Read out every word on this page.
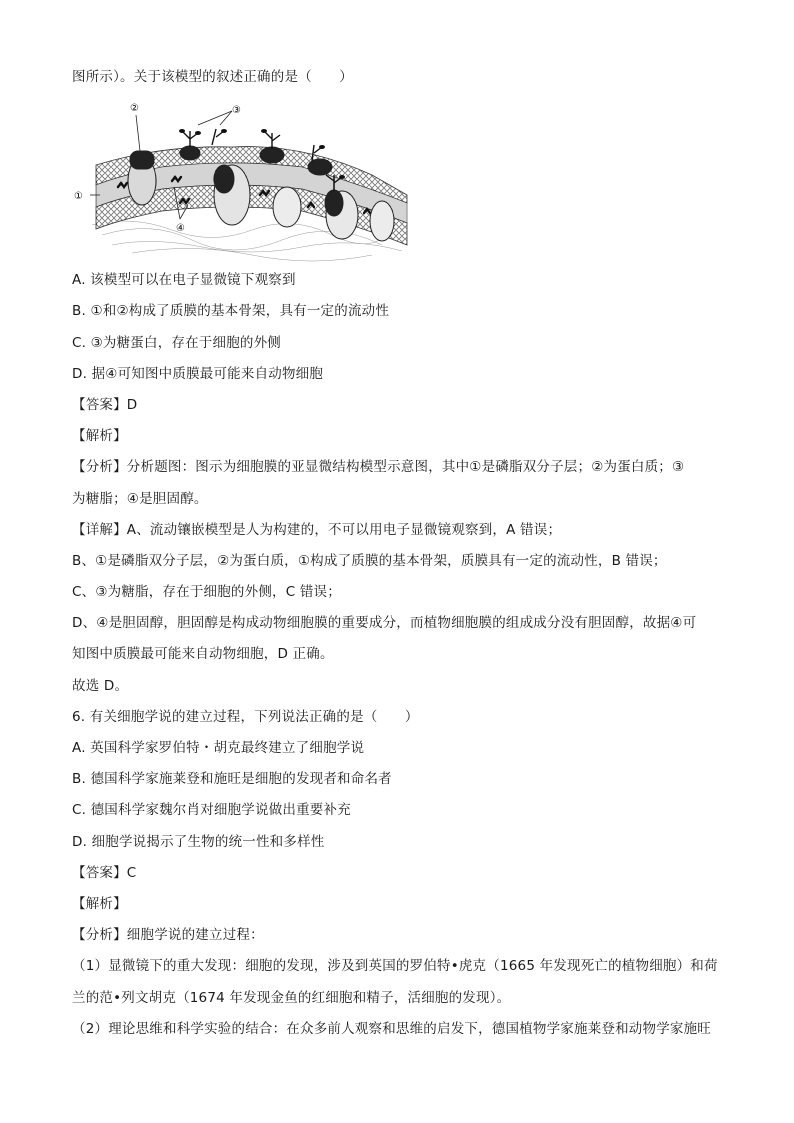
图所示）。关于该模型的叙述正确的是（　　）
①
②	③
④
A. 该模型可以在电子显微镜下观察到
B. ①和②构成了质膜的基本骨架，具有一定的流动性
C. ③为糖蛋白，存在于细胞的外侧
D. 据④可知图中质膜最可能来自动物细胞
【答案】D
【解析】
【分析】分析题图：图示为细胞膜的亚显微结构模型示意图，其中①是磷脂双分子层；②为蛋白质；③
为糖脂；④是胆固醇。
【详解】A、流动镶嵌模型是人为构建的，不可以用电子显微镜观察到，A 错误；
B、①是磷脂双分子层，②为蛋白质，①构成了质膜的基本骨架，质膜具有一定的流动性，B 错误；
C、③为糖脂，存在于细胞的外侧，C 错误；
D、④是胆固醇，胆固醇是构成动物细胞膜的重要成分，而植物细胞膜的组成成分没有胆固醇，故据④可
知图中质膜最可能来自动物细胞，D 正确。
故选 D。
6. 有关细胞学说的建立过程，下列说法正确的是（　　）
A. 英国科学家罗伯特・胡克最终建立了细胞学说
B. 德国科学家施莱登和施旺是细胞的发现者和命名者
C. 德国科学家魏尔肖对细胞学说做出重要补充
D. 细胞学说揭示了生物的统一性和多样性
【答案】C
【解析】
【分析】细胞学说的建立过程：
（1）显微镜下的重大发现：细胞的发现，涉及到英国的罗伯特•虎克（1665 年发现死亡的植物细胞）和荷
兰的范•列文胡克（1674 年发现金鱼的红细胞和精子，活细胞的发现）。
（2）理论思维和科学实验的结合：在众多前人观察和思维的启发下，德国植物学家施莱登和动物学家施旺
